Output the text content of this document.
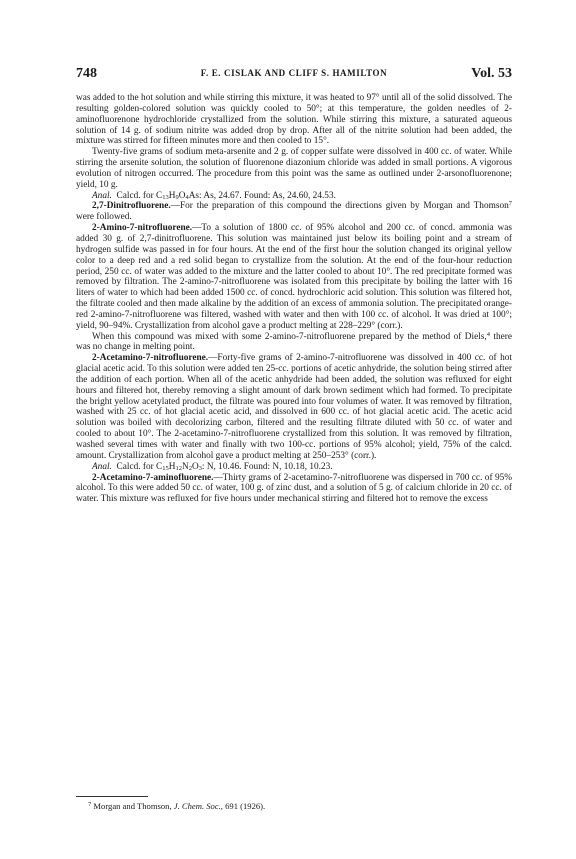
748	F. E. CISLAK AND CLIFF S. HAMILTON	Vol. 53

was added to the hot solution and while stirring this mixture, it was heated to 97° until all of the solid dissolved. The resulting golden-colored solution was quickly cooled to 50°; at this temperature, the golden needles of 2-aminofluorenone hydrochloride crystallized from the solution. While stirring this mixture, a saturated aqueous solution of 14 g. of sodium nitrite was added drop by drop. After all of the nitrite solution had been added, the mixture was stirred for fifteen minutes more and then cooled to 15°.

Twenty-five grams of sodium meta-arsenite and 2 g. of copper sulfate were dissolved in 400 cc. of water. While stirring the arsenite solution, the solution of fluorenone diazonium chloride was added in small portions. A vigorous evolution of nitrogen occurred. The procedure from this point was the same as outlined under 2-arsonofluorenone; yield, 10 g.

Anal. Calcd. for $C_{13}H_9O_4As$: As, 24.67. Found: As, 24.60, 24.53.

2,7-Dinitrofluorene.—For the preparation of this compound the directions given by Morgan and Thomson$^7$ were followed.

2-Amino-7-nitrofluorene.—To a solution of 1800 cc. of 95% alcohol and 200 cc. of concd. ammonia was added 30 g. of 2,7-dinitrofluorene. This solution was maintained just below its boiling point and a stream of hydrogen sulfide was passed in for four hours. At the end of the first hour the solution changed its original yellow color to a deep red and a red solid began to crystallize from the solution. At the end of the four-hour reduction period, 250 cc. of water was added to the mixture and the latter cooled to about 10°. The red precipitate formed was removed by filtration. The 2-amino-7-nitrofluorene was isolated from this precipitate by boiling the latter with 16 liters of water to which had been added 1500 cc. of concd. hydrochloric acid solution. This solution was filtered hot, the filtrate cooled and then made alkaline by the addition of an excess of ammonia solution. The precipitated orange-red 2-amino-7-nitrofluorene was filtered, washed with water and then with 100 cc. of alcohol. It was dried at 100°; yield, 90–94%. Crystallization from alcohol gave a product melting at 228–229° (corr.).

When this compound was mixed with some 2-amino-7-nitrofluorene prepared by the method of Diels,$^4$ there was no change in melting point.

2-Acetamino-7-nitrofluorene.—Forty-five grams of 2-amino-7-nitrofluorene was dissolved in 400 cc. of hot glacial acetic acid. To this solution were added ten 25-cc. portions of acetic anhydride, the solution being stirred after the addition of each portion. When all of the acetic anhydride had been added, the solution was refluxed for eight hours and filtered hot, thereby removing a slight amount of dark brown sediment which had formed. To precipitate the bright yellow acetylated product, the filtrate was poured into four volumes of water. It was removed by filtration, washed with 25 cc. of hot glacial acetic acid, and dissolved in 600 cc. of hot glacial acetic acid. The acetic acid solution was boiled with decolorizing carbon, filtered and the resulting filtrate diluted with 50 cc. of water and cooled to about 10°. The 2-acetamino-7-nitrofluorene crystallized from this solution. It was removed by filtration, washed several times with water and finally with two 100-cc. portions of 95% alcohol; yield, 75% of the calcd. amount. Crystallization from alcohol gave a product melting at 250–253° (corr.).

Anal. Calcd. for $C_{15}H_{12}N_2O_3$: N, 10.46. Found: N, 10.18, 10.23.

2-Acetamino-7-aminofluorene.—Thirty grams of 2-acetamino-7-nitrofluorene was dispersed in 700 cc. of 95% alcohol. To this were added 50 cc. of water, 100 g. of zinc dust, and a solution of 5 g. of calcium chloride in 20 cc. of water. This mixture was refluxed for five hours under mechanical stirring and filtered hot to remove the excess

$^7$ Morgan and Thomson, J. Chem. Soc., 691 (1926).
